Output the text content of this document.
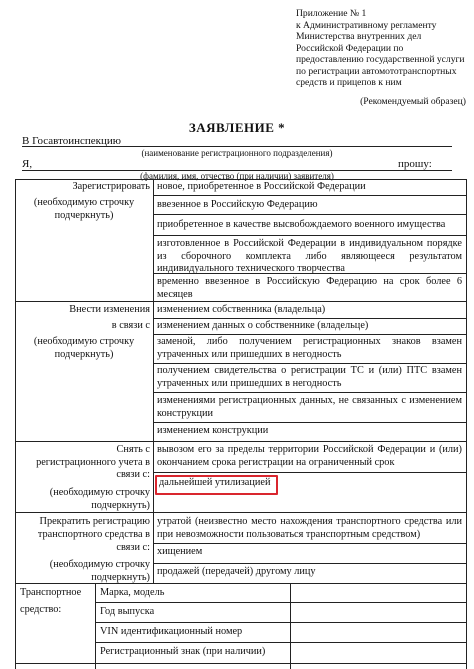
Приложение № 1
к Административному регламенту
Министерства внутренних дел
Российской Федерации по
предоставлению государственной услуги
по регистрации автомототранспортных
средств и прицепов к ним
(Рекомендуемый образец)
ЗАЯВЛЕНИЕ *
В Госавтоинспекцию
(наименование регистрационного подразделения)
Я,	прошу:
(фамилия, имя, отчество (при наличии) заявителя)
Зарегистрировать
(необходимую строчку подчеркнуть)
новое, приобретенное в Российской Федерации
ввезенное в Российскую Федерацию
приобретенное в качестве высвобождаемого военного имущества
изготовленное в Российской Федерации в индивидуальном порядке из сборочного комплекта либо являющееся результатом индивидуального технического творчества
временно ввезенное в Российскую Федерацию на срок более 6 месяцев
Внести изменения
в связи с
(необходимую строчку подчеркнуть)
изменением собственника (владельца)
изменением данных о собственнике (владельце)
заменой, либо получением регистрационных знаков взамен утраченных или пришедших в негодность
получением свидетельства о регистрации ТС и (или) ПТС взамен утраченных или пришедших в негодность
изменениями регистрационных данных, не связанных с изменением конструкции
изменением конструкции
Снять с
регистрационного учета в
связи с:
(необходимую строчку подчеркнуть)
вывозом его за пределы территории Российской Федерации и (или) окончанием срока регистрации на ограниченный срок
дальнейшей утилизацией
Прекратить регистрацию
транспортного средства в
связи с:
(необходимую строчку подчеркнуть)
утратой (неизвестно место нахождения транспортного средства или при невозможности пользоваться транспортным средством)
хищением
продажей (передачей) другому лицу
Транспортное
средство:
Марка, модель
Год выпуска
VIN идентификационный номер
Регистрационный знак (при наличии)
